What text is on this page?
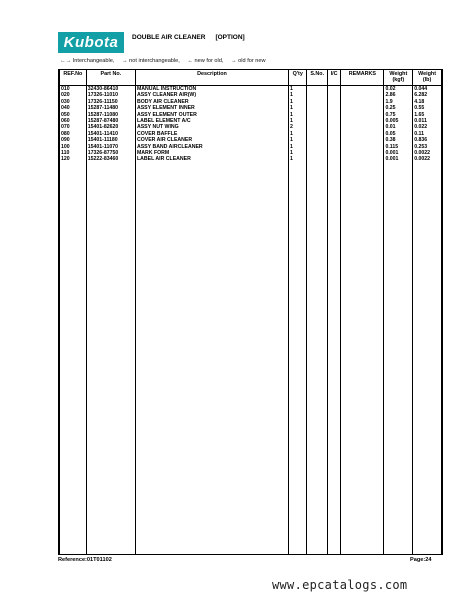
Kubota	DOUBLE AIR CLEANER [OPTION]
←→ Interchangeable, → not interchangeable, ← new for old, → old for new
REF.No	Part No.	Description	Q'ty	S.No.	I/C	REMARKS	Weight (kgf)	Weight (lb)
010	32430-86410	MANUAL INSTRUCTION	1				0.02	0.044
020	17326-11010	ASSY CLEANER AIR(W)	1				2.86	6.282
030	17326-11150	BODY AIR CLEANER	1				1.9	4.18
040	15287-11480	ASSY ELEMENT INNER	1				0.25	0.55
050	15287-11080	ASSY ELEMENT OUTER	1				0.75	1.65
060	15287-87480	LABEL ELEMENT A/C	1				0.005	0.011
070	15401-82620	ASSY NUT WING	2				0.01	0.022
080	15401-11410	COVER BAFFLE	1				0.05	0.11
090	15401-11180	COVER AIR CLEANER	1				0.38	0.836
100	15401-11070	ASSY BAND AIRCLEANER	1				0.115	0.253
110	17326-87750	MARK FORM	1				0.001	0.0022
120	15222-83460	LABEL AIR CLEANER	1				0.001	0.0022

Reference:01T01102	Page:24
www.epcatalogs.com
